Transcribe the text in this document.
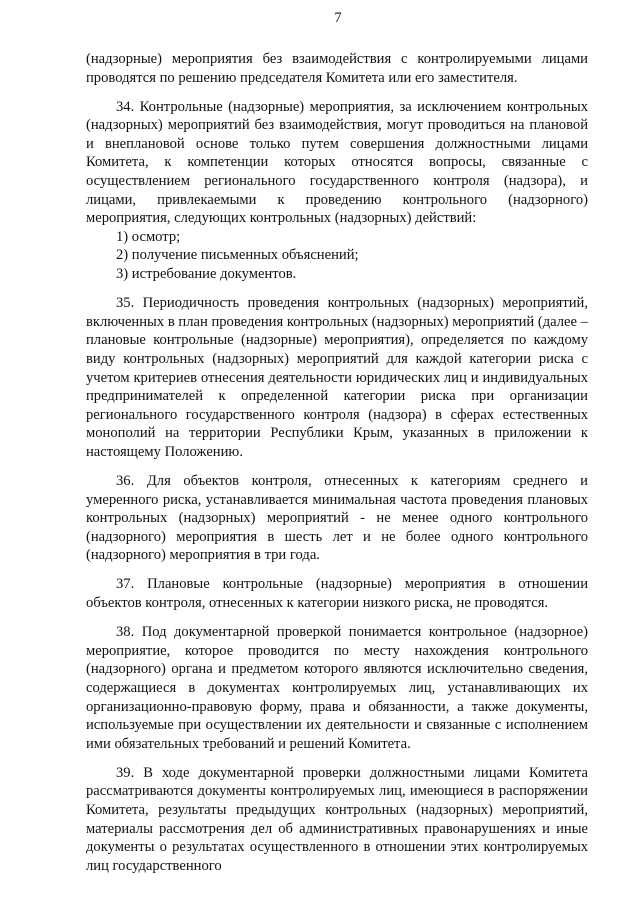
7

(надзорные) мероприятия без взаимодействия с контролируемыми лицами проводятся по решению председателя Комитета или его заместителя.

34. Контрольные (надзорные) мероприятия, за исключением контрольных (надзорных) мероприятий без взаимодействия, могут проводиться на плановой и внеплановой основе только путем совершения должностными лицами Комитета, к компетенции которых относятся вопросы, связанные с осуществлением регионального государственного контроля (надзора), и лицами, привлекаемыми к проведению контрольного (надзорного) мероприятия, следующих контрольных (надзорных) действий:

1) осмотр;
2) получение письменных объяснений;
3) истребование документов.

35. Периодичность проведения контрольных (надзорных) мероприятий, включенных в план проведения контрольных (надзорных) мероприятий (далее – плановые контрольные (надзорные) мероприятия), определяется по каждому виду контрольных (надзорных) мероприятий для каждой категории риска с учетом критериев отнесения деятельности юридических лиц и индивидуальных предпринимателей к определенной категории риска при организации регионального государственного контроля (надзора) в сферах естественных монополий на территории Республики Крым, указанных в приложении к настоящему Положению.

36. Для объектов контроля, отнесенных к категориям среднего и умеренного риска, устанавливается минимальная частота проведения плановых контрольных (надзорных) мероприятий - не менее одного контрольного (надзорного) мероприятия в шесть лет и не более одного контрольного (надзорного) мероприятия в три года.

37. Плановые контрольные (надзорные) мероприятия в отношении объектов контроля, отнесенных к категории низкого риска, не проводятся.

38. Под документарной проверкой понимается контрольное (надзорное) мероприятие, которое проводится по месту нахождения контрольного (надзорного) органа и предметом которого являются исключительно сведения, содержащиеся в документах контролируемых лиц, устанавливающих их организационно-правовую форму, права и обязанности, а также документы, используемые при осуществлении их деятельности и связанные с исполнением ими обязательных требований и решений Комитета.

39. В ходе документарной проверки должностными лицами Комитета рассматриваются документы контролируемых лиц, имеющиеся в распоряжении Комитета, результаты предыдущих контрольных (надзорных) мероприятий, материалы рассмотрения дел об административных правонарушениях и иные документы о результатах осуществленного в отношении этих контролируемых лиц государственного
